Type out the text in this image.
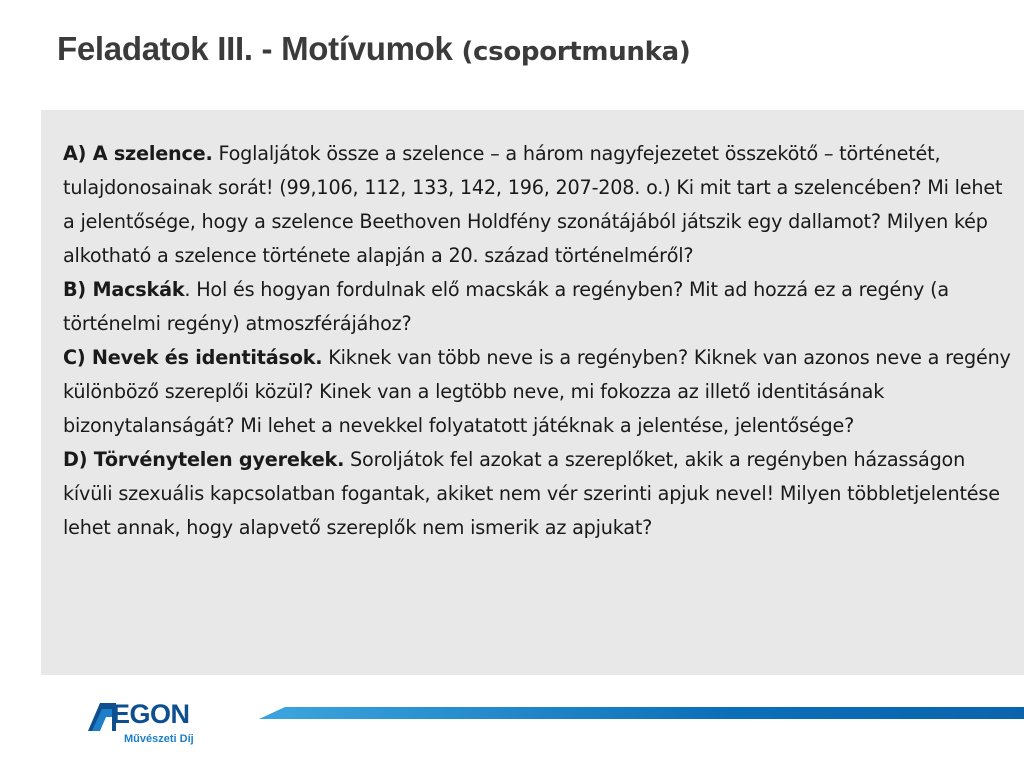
Feladatok III. - Motívumok (csoportmunka)

A) A szelence. Foglaljátok össze a szelence – a három nagyfejezetet összekötő – történetét, tulajdonosainak sorát! (99,106, 112, 133, 142, 196, 207-208. o.) Ki mit tart a szelencében? Mi lehet a jelentősége, hogy a szelence Beethoven Holdfény szonátájából játszik egy dallamot? Milyen kép alkotható a szelence története alapján a 20. század történelméről?

B) Macskák. Hol és hogyan fordulnak elő macskák a regényben? Mit ad hozzá ez a regény (a történelmi regény) atmoszférájához?

C) Nevek és identitások. Kiknek van több neve is a regényben? Kiknek van azonos neve a regény különböző szereplői közül? Kinek van a legtöbb neve, mi fokozza az illető identitásának bizonytalanságát? Mi lehet a nevekkel folyatatott játéknak a jelentése, jelentősége?

D) Törvénytelen gyerekek. Soroljátok fel azokat a szereplőket, akik a regényben házasságon kívüli szexuális kapcsolatban fogantak, akiket nem vér szerinti apjuk nevel! Milyen többletjelentése lehet annak, hogy alapvető szereplők nem ismerik az apjukat?

EGON
Művészeti Díj
